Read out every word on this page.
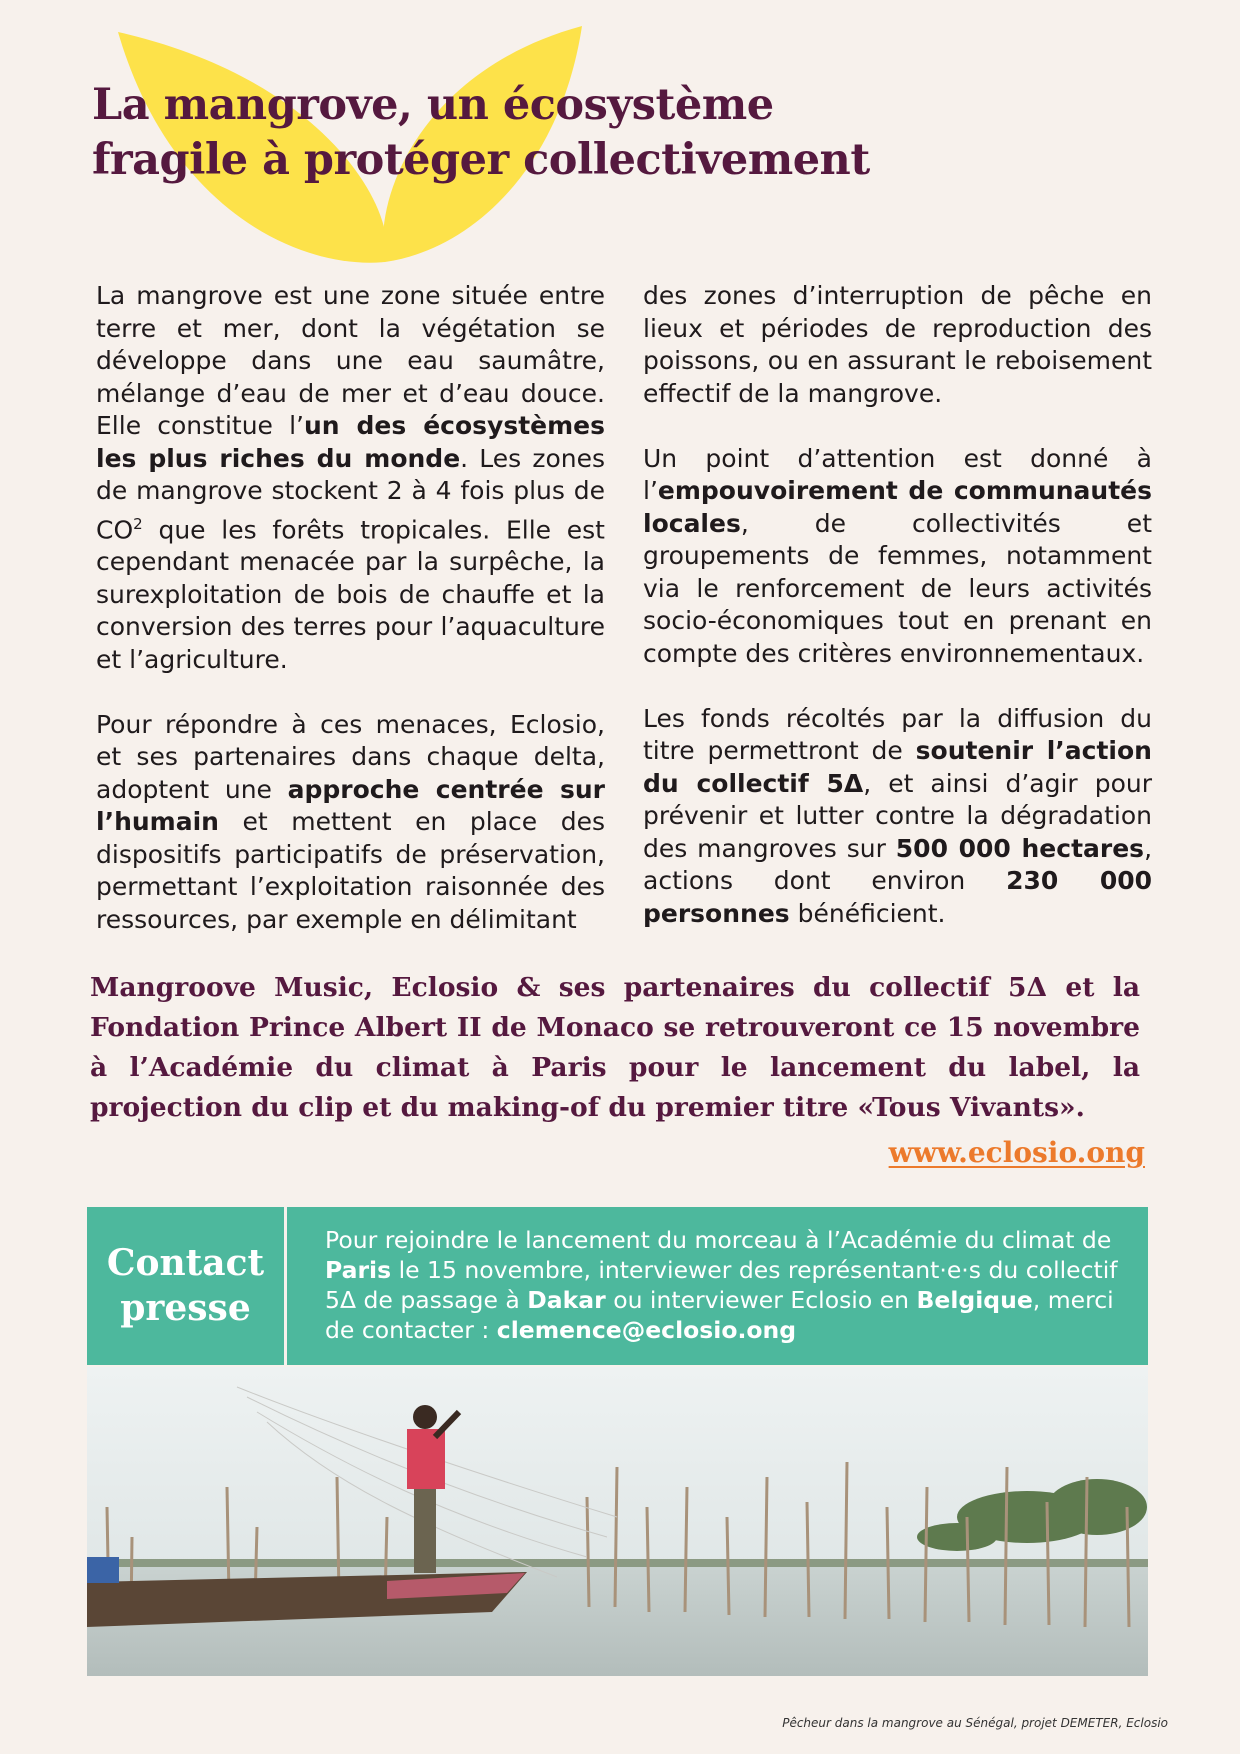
La mangrove, un écosystème
fragile à protéger collectivement

La mangrove est une zone située entre terre et mer, dont la végétation se développe dans une eau saumâtre, mélange d’eau de mer et d’eau douce. Elle constitue l’un des écosystèmes les plus riches du monde. Les zones de mangrove stockent 2 à 4 fois plus de $CO^2$ que les forêts tropicales. Elle est cependant menacée par la surpêche, la surexploitation de bois de chauffe et la conversion des terres pour l’aquaculture et l’agriculture.

Pour répondre à ces menaces, Eclosio, et ses partenaires dans chaque delta, adoptent une approche centrée sur l’humain et mettent en place des dispositifs participatifs de préservation, permettant l’exploitation raisonnée des ressources, par exemple en délimitant

des zones d’interruption de pêche en lieux et périodes de reproduction des poissons, ou en assurant le reboisement effectif de la mangrove.

Un point d’attention est donné à l’empouvoirement de communautés locales, de collectivités et groupements de femmes, notamment via le renforcement de leurs activités socio-économiques tout en prenant en compte des critères environnementaux.

Les fonds récoltés par la diffusion du titre permettront de soutenir l’action du collectif 5Δ, et ainsi d’agir pour prévenir et lutter contre la dégradation des mangroves sur 500 000 hectares, actions dont environ 230 000 personnes bénéficient.

Mangroove Music, Eclosio & ses partenaires du collectif 5Δ et la Fondation Prince Albert II de Monaco se retrouveront ce 15 novembre à l’Académie du climat à Paris pour le lancement du label, la projection du clip et du making-of du premier titre «Tous Vivants».

www.eclosio.ong
Contact
presse
Pour rejoindre le lancement du morceau à l’Académie du climat de Paris le 15 novembre, interviewer des représentant·e·s du collectif 5Δ de passage à Dakar ou interviewer Eclosio en Belgique, merci de contacter : clemence@eclosio.ong
Pêcheur dans la mangrove au Sénégal, projet DEMETER, Eclosio
